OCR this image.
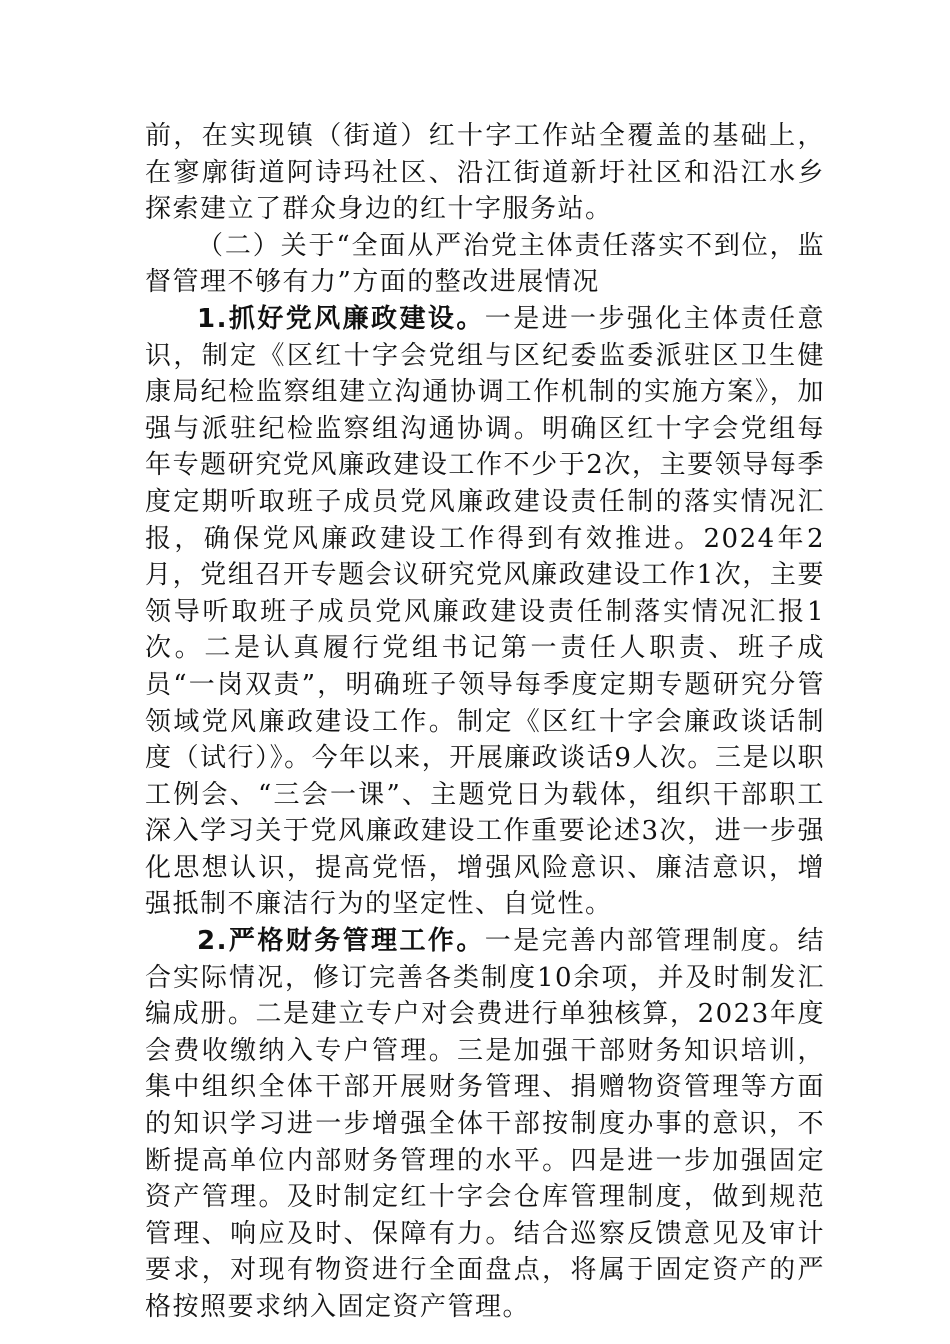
前，在实现镇（街道）红十字工作站全覆盖的基础上，在寥廓街道阿诗玛社区、沿江街道新圩社区和沿江水乡探索建立了群众身边的红十字服务站。

（二）关于“全面从严治党主体责任落实不到位，监督管理不够有力”方面的整改进展情况

1.抓好党风廉政建设。一是进一步强化主体责任意识，制定《区红十字会党组与区纪委监委派驻区卫生健康局纪检监察组建立沟通协调工作机制的实施方案》，加强与派驻纪检监察组沟通协调。明确区红十字会党组每年专题研究党风廉政建设工作不少于2次，主要领导每季度定期听取班子成员党风廉政建设责任制的落实情况汇报，确保党风廉政建设工作得到有效推进。2024年2月，党组召开专题会议研究党风廉政建设工作1次，主要领导听取班子成员党风廉政建设责任制落实情况汇报1次。二是认真履行党组书记第一责任人职责、班子成员“一岗双责”，明确班子领导每季度定期专题研究分管领域党风廉政建设工作。制定《区红十字会廉政谈话制度（试行）》。今年以来，开展廉政谈话9人次。三是以职工例会、“三会一课”、主题党日为载体，组织干部职工深入学习关于党风廉政建设工作重要论述3次，进一步强化思想认识，提高党悟，增强风险意识、廉洁意识，增强抵制不廉洁行为的坚定性、自觉性。

2.严格财务管理工作。一是完善内部管理制度。结合实际情况，修订完善各类制度10余项，并及时制发汇编成册。二是建立专户对会费进行单独核算，2023年度会费收缴纳入专户管理。三是加强干部财务知识培训，集中组织全体干部开展财务管理、捐赠物资管理等方面的知识学习进一步增强全体干部按制度办事的意识，不断提高单位内部财务管理的水平。四是进一步加强固定资产管理。及时制定红十字会仓库管理制度，做到规范管理、响应及时、保障有力。结合巡察反馈意见及审计要求，对现有物资进行全面盘点，将属于固定资产的严格按照要求纳入固定资产管理。
